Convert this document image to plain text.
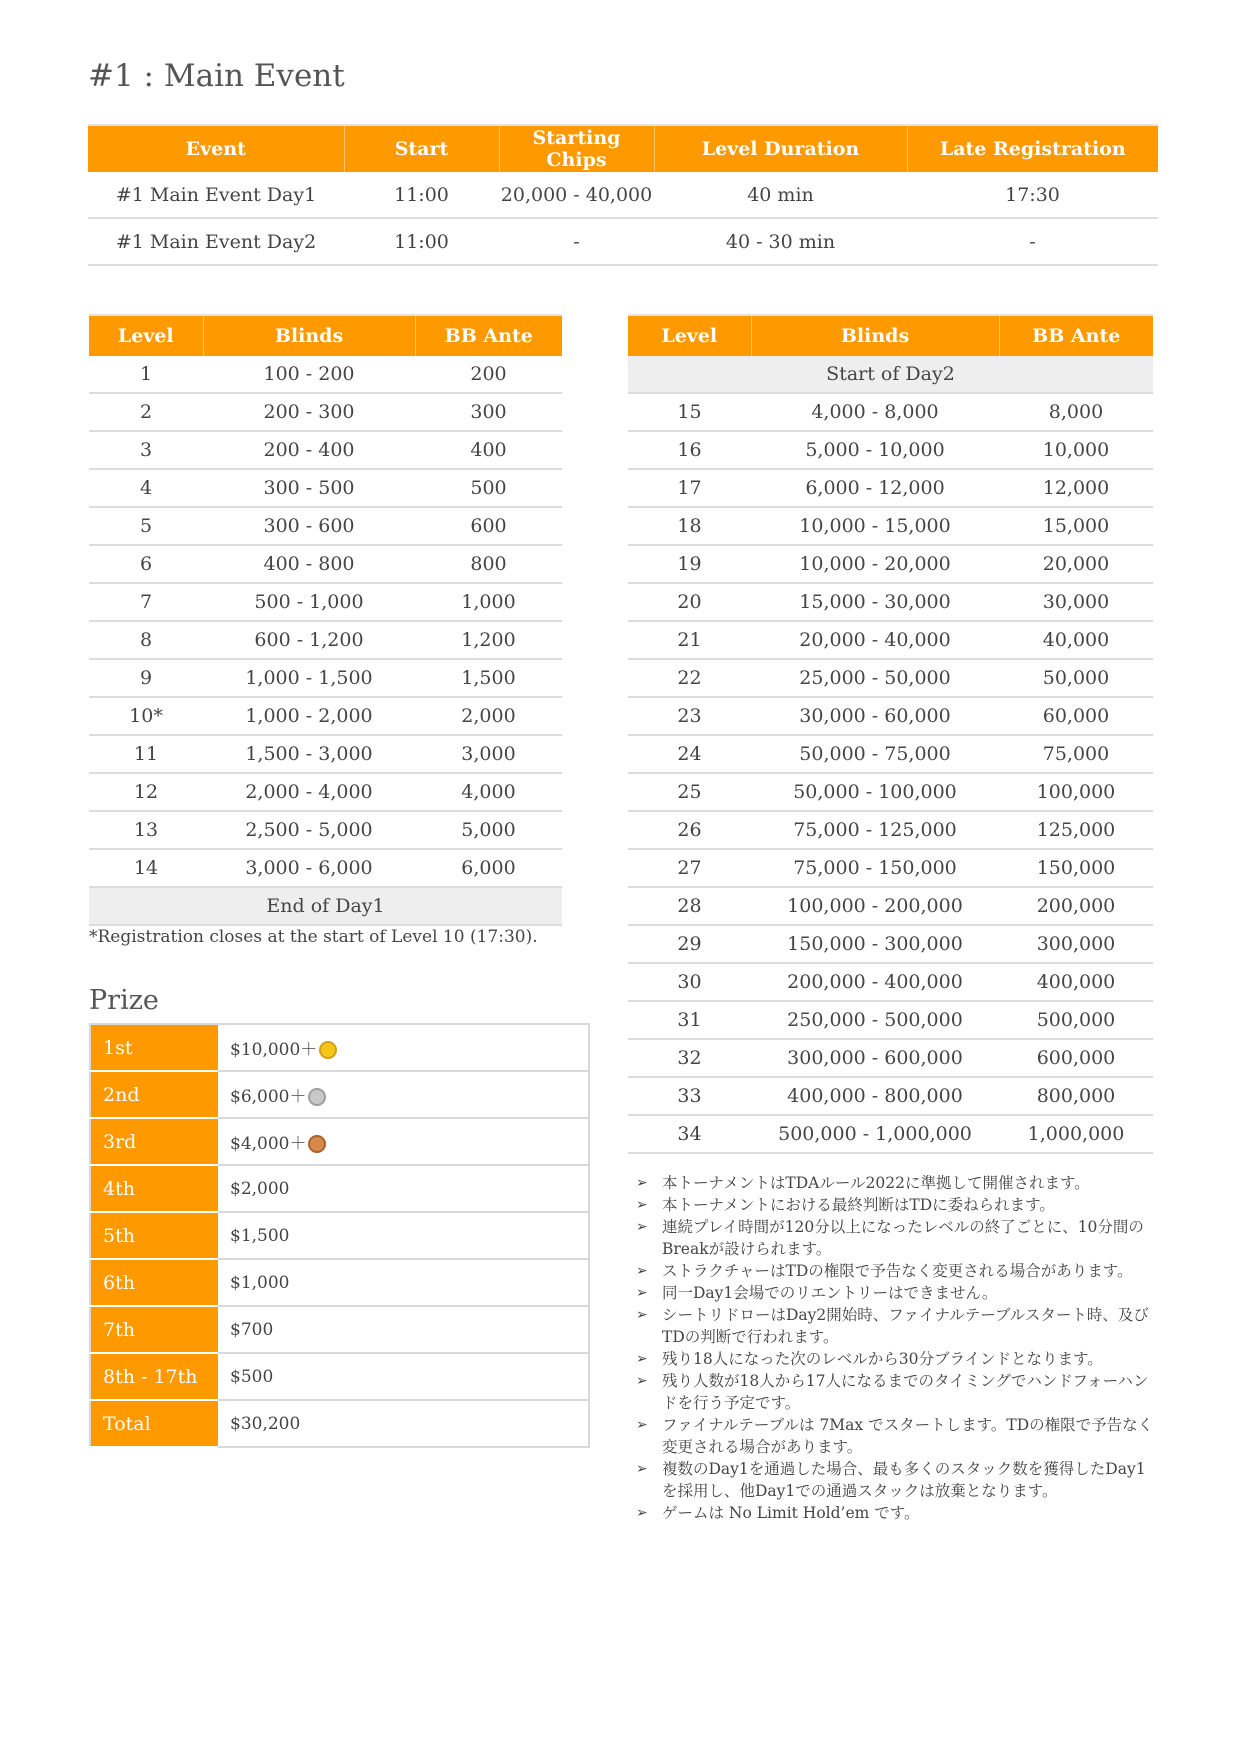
#1 : Main Event
Event	Start	Starting Chips	Level Duration	Late Registration
#1 Main Event Day1	11:00	20,000 - 40,000	40 min	17:30
#1 Main Event Day2	11:00	-	40 - 30 min	-
Level	Blinds	BB Ante
1	100 - 200	200
2	200 - 300	300
3	200 - 400	400
4	300 - 500	500
5	300 - 600	600
6	400 - 800	800
7	500 - 1,000	1,000
8	600 - 1,200	1,200
9	1,000 - 1,500	1,500
10*	1,000 - 2,000	2,000
11	1,500 - 3,000	3,000
12	2,000 - 4,000	4,000
13	2,500 - 5,000	5,000
14	3,000 - 6,000	6,000
End of Day1		
*Registration closes at the start of Level 10 (17:30).
Level	Blinds	BB Ante
Start of Day2		
15	4,000 - 8,000	8,000
16	5,000 - 10,000	10,000
17	6,000 - 12,000	12,000
18	10,000 - 15,000	15,000
19	10,000 - 20,000	20,000
20	15,000 - 30,000	30,000
21	20,000 - 40,000	40,000
22	25,000 - 50,000	50,000
23	30,000 - 60,000	60,000
24	50,000 - 75,000	75,000
25	50,000 - 100,000	100,000
26	75,000 - 125,000	125,000
27	75,000 - 150,000	150,000
28	100,000 - 200,000	200,000
29	150,000 - 300,000	300,000
30	200,000 - 400,000	400,000
31	250,000 - 500,000	500,000
32	300,000 - 600,000	600,000
33	400,000 - 800,000	800,000
34	500,000 - 1,000,000	1,000,000
Prize
1st	$10,000＋
2nd	$6,000＋
3rd	$4,000＋
4th	$2,000
5th	$1,500
6th	$1,000
7th	$700
8th - 17th	$500
Total	$30,200
➢ 本トーナメントはTDAルール2022に準拠して開催されます。
➢ 本トーナメントにおける最終判断はTDに委ねられます。
➢ 連続プレイ時間が120分以上になったレベルの終了ごとに、10分間のBreakが設けられます。
➢ ストラクチャーはTDの権限で予告なく変更される場合があります。
➢ 同一Day1会場でのリエントリーはできません。
➢ シートリドローはDay2開始時、ファイナルテーブルスタート時、及びTDの判断で行われます。
➢ 残り18人になった次のレベルから30分ブラインドとなります。
➢ 残り人数が18人から17人になるまでのタイミングでハンドフォーハンドを行う予定です。
➢ ファイナルテーブルは 7Max でスタートします。TDの権限で予告なく変更される場合があります。
➢ 複数のDay1を通過した場合、最も多くのスタック数を獲得したDay1を採用し、他Day1での通過スタックは放棄となります。
➢ ゲームは No Limit Hold’em です。
